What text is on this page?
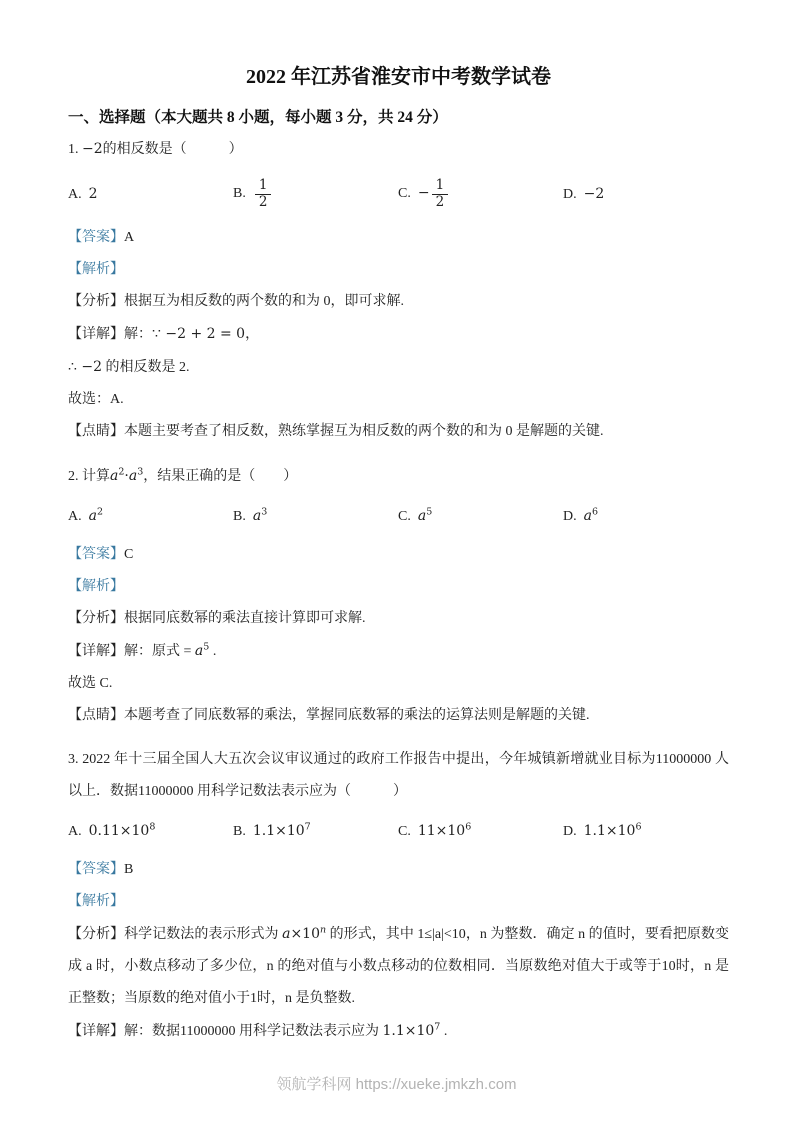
2022 年江苏省淮安市中考数学试卷
一、选择题（本大题共 8 小题，每小题 3 分，共 24 分）

1. −2的相反数是（　　　）

A. 2	B. $\frac{1}{2}$	C. − $\frac{1}{2}$	D. −2

【答案】A

【解析】

【分析】根据互为相反数的两个数的和为 0，即可求解.

【详解】解：∵ −2 + 2 = 0，

∴ −2 的相反数是 2.

故选：A.

【点睛】本题主要考查了相反数，熟练掌握互为相反数的两个数的和为 0 是解题的关键.

2. 计算$a^2\cdot a^3$，结果正确的是（　　）

A. $a^2$	B. $a^3$	C. $a^5$	D. $a^6$

【答案】C

【解析】

【分析】根据同底数幂的乘法直接计算即可求解.

【详解】解：原式 = $a^5$ .

故选 C.

【点睛】本题考查了同底数幂的乘法，掌握同底数幂的乘法的运算法则是解题的关键.

3. 2022 年十三届全国人大五次会议审议通过的政府工作报告中提出，今年城镇新增就业目标为11000000 人以上．数据11000000 用科学记数法表示应为（　　　）

A. $0.11\times 10^8$	B. $1.1\times 10^7$	C. $11\times 10^6$	D. $1.1\times 10^6$

【答案】B

【解析】

【分析】科学记数法的表示形式为 $a\times 10^n$ 的形式，其中 1≤|a|<10，n 为整数．确定 n 的值时，要看把原数变成 a 时，小数点移动了多少位，n 的绝对值与小数点移动的位数相同．当原数绝对值大于或等于10时，n 是正整数；当原数的绝对值小于1时，n 是负整数.

【详解】解：数据11000000 用科学记数法表示应为 $1.1\times 10^7$ .

领航学科网 https://xueke.jmkzh.com
